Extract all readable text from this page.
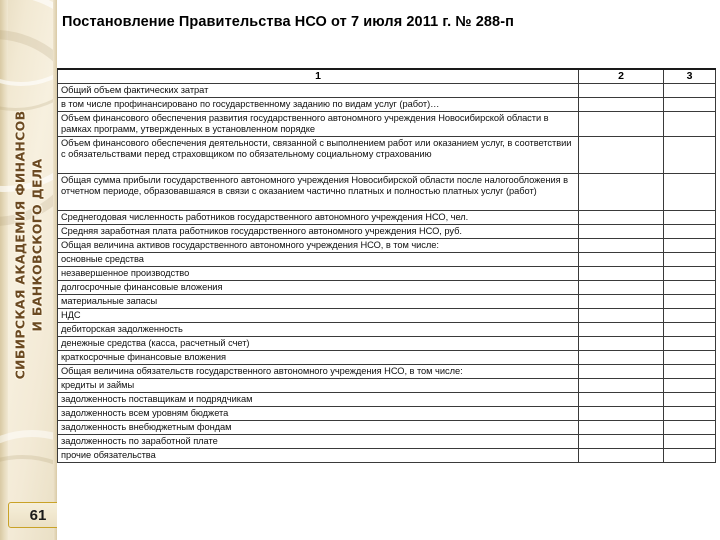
СИБИРСКАЯ АКАДЕМИЯ ФИНАНСОВ И БАНКОВСКОГО ДЕЛА
61
Постановление Правительства НСО от 7 июля 2011 г. № 288-п
1	2	3
Общий объем фактических затрат		
в том числе профинансировано по государственному заданию по видам услуг (работ)…		
Объем финансового обеспечения развития государственного автономного учреждения Новосибирской области в рамках программ, утвержденных в установленном порядке		
Объем финансового обеспечения деятельности, связанной с выполнением работ или оказанием услуг, в соответствии с обязательствами перед страховщиком по обязательному социальному страхованию		
Общая сумма прибыли государственного автономного учреждения Новосибирской области после налогообложения в отчетном периоде, образовавшаяся в связи с оказанием частично платных и полностью платных услуг (работ)		
Среднегодовая численность работников государственного автономного учреждения НСО, чел.		
Средняя заработная плата работников государственного автономного учреждения НСО, руб.		
Общая величина активов государственного автономного учреждения НСО, в том числе:		
основные средства		
незавершенное производство		
долгосрочные финансовые вложения		
материальные запасы		
НДС		
дебиторская задолженность		
денежные средства (касса, расчетный счет)		
краткосрочные финансовые вложения		
Общая величина обязательств государственного автономного учреждения НСО, в том числе:		
кредиты и займы		
задолженность поставщикам и подрядчикам		
задолженность всем уровням бюджета		
задолженность внебюджетным фондам		
задолженность по заработной плате		
прочие обязательства		
